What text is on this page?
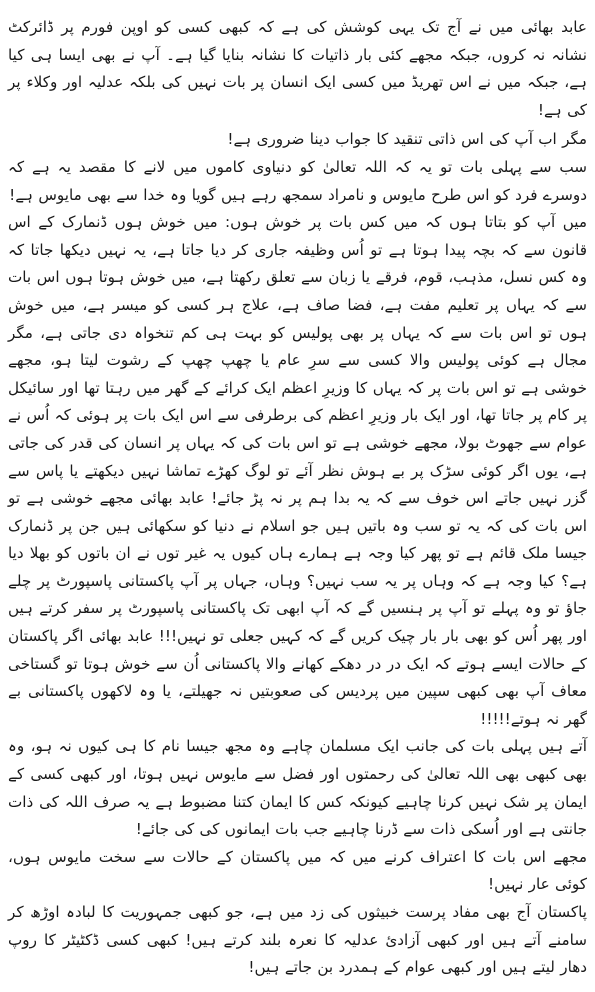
عابد بھائی میں نے آج تک یہی کوشش کی ہے کہ کبھی کسی کو اوپن فورم پر ڈائرکٹ نشانہ نہ کروں، جبکہ مجھے کئی بار ذاتیات کا نشانہ بنایا گیا ہے۔ آپ نے بھی ایسا ہی کیا ہے، جبکہ میں نے اس تھریڈ میں کسی ایک انسان پر بات نہیں کی بلکہ عدلیہ اور وکلاء پر کی ہے!

مگر اب آپ کی اس ذاتی تنقید کا جواب دینا ضروری ہے!

سب سے پہلی بات تو یہ کہ اللہ تعالیٰ کو دنیاوی کاموں میں لانے کا مقصد یہ ہے کہ دوسرے فرد کو اس طرح مایوس و نامراد سمجھ رہے ہیں گویا وہ خدا سے بھی مایوس ہے!

میں آپ کو بتاتا ہوں کہ میں کس بات پر خوش ہوں: میں خوش ہوں ڈنمارک کے اس قانون سے کہ بچہ پیدا ہوتا ہے تو اُس وظیفہ جاری کر دیا جاتا ہے، یہ نہیں دیکھا جاتا کہ وہ کس نسل، مذہب، قوم، فرقے یا زبان سے تعلق رکھتا ہے، میں خوش ہوتا ہوں اس بات سے کہ یہاں پر تعلیم مفت ہے، فضا صاف ہے، علاج ہر کسی کو میسر ہے، میں خوش ہوں تو اس بات سے کہ یہاں پر بھی پولیس کو بہت ہی کم تنخواہ دی جاتی ہے، مگر مجال ہے کوئی پولیس والا کسی سے سرِ عام یا چھپ چھپ کے رشوت لیتا ہو، مجھے خوشی ہے تو اس بات پر کہ یہاں کا وزیرِ اعظم ایک کرائے کے گھر میں رہتا تھا اور سائیکل پر کام پر جاتا تھا، اور ایک بار وزیرِ اعظم کی برطرفی سے اس ایک بات پر ہوئی کہ اُس نے عوام سے جھوٹ بولا، مجھے خوشی ہے تو اس بات کی کہ یہاں پر انسان کی قدر کی جاتی ہے، یوں اگر کوئی سڑک پر بے ہوش نظر آئے تو لوگ کھڑے تماشا نہیں دیکھتے یا پاس سے گزر نہیں جاتے اس خوف سے کہ یہ بدا ہم پر نہ پڑ جائے! عابد بھائی مجھے خوشی ہے تو اس بات کی کہ یہ تو سب وہ باتیں ہیں جو اسلام نے دنیا کو سکھائی ہیں جن پر ڈنمارک جیسا ملک قائم ہے تو پھر کیا وجہ ہے ہمارے ہاں کیوں یہ غیر توں نے ان باتوں کو بھلا دیا ہے؟ کیا وجہ ہے کہ وہاں پر یہ سب نہیں؟ وہاں، جہاں پر آپ پاکستانی پاسپورٹ پر چلے جاؤ تو وہ پہلے تو آپ پر ہنسیں گے کہ آپ ابھی تک پاکستانی پاسپورٹ پر سفر کرتے ہیں اور پھر اُس کو بھی بار بار چیک کریں گے کہ کہیں جعلی تو نہیں!!! عابد بھائی اگر پاکستان کے حالات ایسے ہوتے کہ ایک در در دھکے کھانے والا پاکستانی اُن سے خوش ہوتا تو گستاخی معاف آپ بھی کبھی سپین میں پردیس کی صعوبتیں نہ جھیلتے، یا وہ لاکھوں پاکستانی بے گھر نہ ہوتے!!!!!

آتے ہیں پہلی بات کی جانب ایک مسلمان چاہے وہ مجھ جیسا نام کا ہی کیوں نہ ہو، وہ بھی کبھی بھی اللہ تعالیٰ کی رحمتوں اور فضل سے مایوس نہیں ہوتا، اور کبھی کسی کے ایمان پر شک نہیں کرنا چاہیے کیونکہ کس کا ایمان کتنا مضبوط ہے یہ صرف اللہ کی ذات جانتی ہے اور اُسکی ذات سے ڈرنا چاہیے جب بات ایمانوں کی کی جائے!

مجھے اس بات کا اعتراف کرنے میں کہ میں پاکستان کے حالات سے سخت مایوس ہوں، کوئی عار نہیں!

پاکستان آج بھی مفاد پرست خبیثوں کی زد میں ہے، جو کبھی جمہوریت کا لبادہ اوڑھ کر سامنے آتے ہیں اور کبھی آزادیٔ عدلیہ کا نعرہ بلند کرتے ہیں! کبھی کسی ڈکٹیٹر کا روپ دھار لیتے ہیں اور کبھی عوام کے ہمدرد بن جاتے ہیں!
